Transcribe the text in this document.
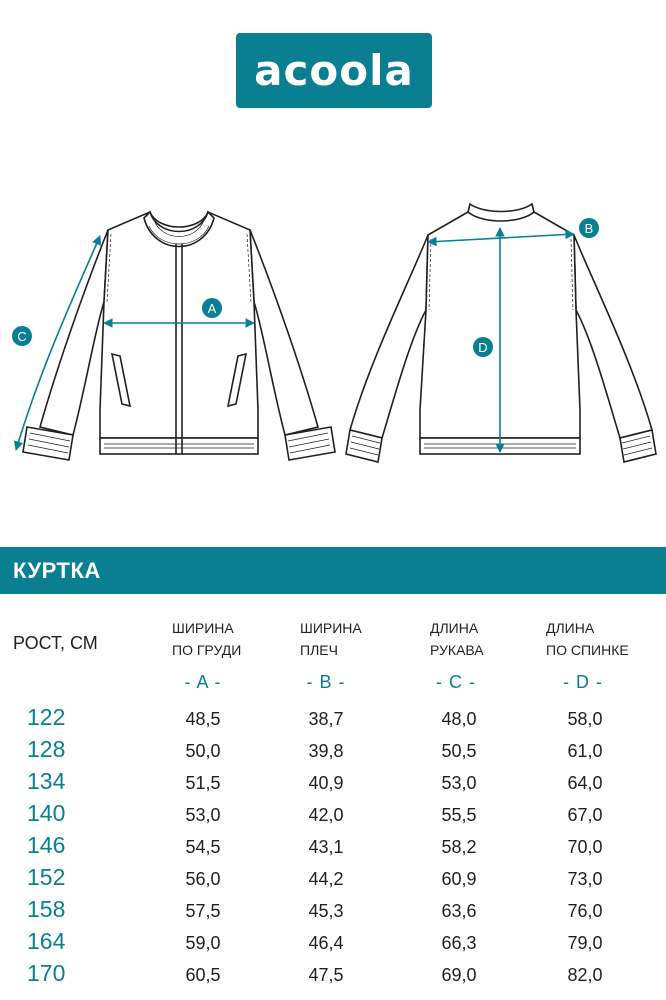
acoola
A
B
C
D
КУРТКА
РОСТ, СМ
ШИРИНА
ПО ГРУДИ
ШИРИНА
ПЛЕЧ
ДЛИНА
РУКАВА
ДЛИНА
ПО СПИНКЕ
- A -	- B -	- C -	- D -
122	48,5	38,7	48,0	58,0
128	50,0	39,8	50,5	61,0
134	51,5	40,9	53,0	64,0
140	53,0	42,0	55,5	67,0
146	54,5	43,1	58,2	70,0
152	56,0	44,2	60,9	73,0
158	57,5	45,3	63,6	76,0
164	59,0	46,4	66,3	79,0
170	60,5	47,5	69,0	82,0
